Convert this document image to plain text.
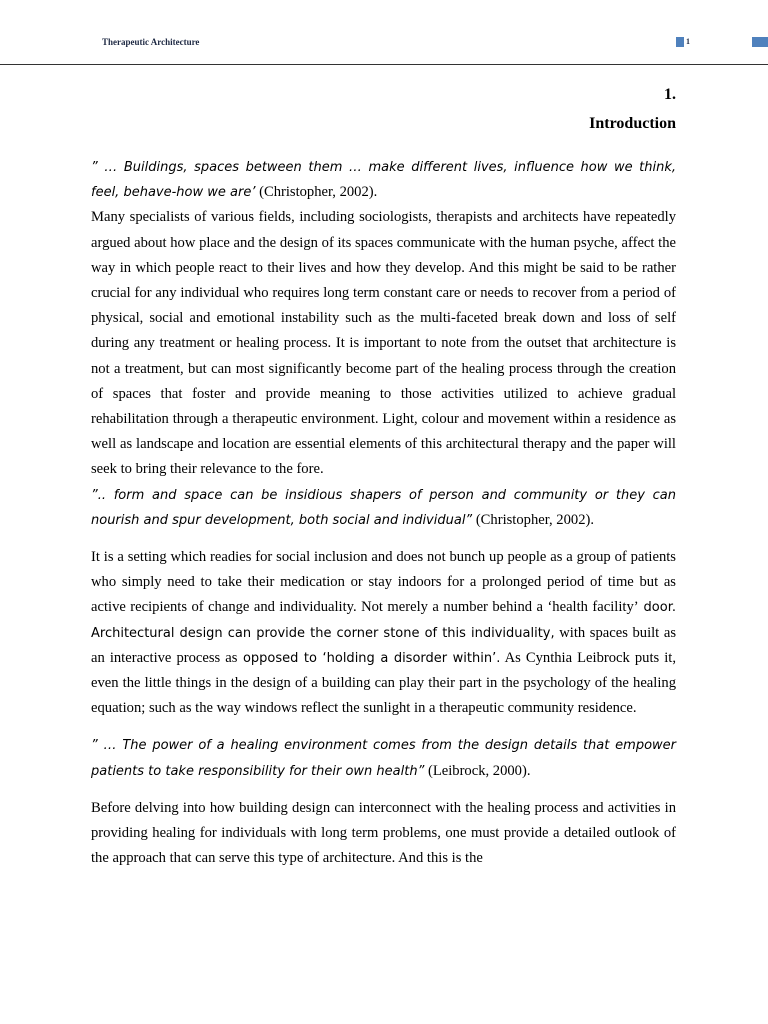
Therapeutic Architecture	1
1.
Introduction

” … Buildings, spaces between them … make different lives, influence how we think, feel, behave-how we are’ (Christopher, 2002).

Many specialists of various fields, including sociologists, therapists and architects have repeatedly argued about how place and the design of its spaces communicate with the human psyche, affect the way in which people react to their lives and how they develop. And this might be said to be rather crucial for any individual who requires long term constant care or needs to recover from a period of physical, social and emotional instability such as the multi-faceted break down and loss of self during any treatment or healing process. It is important to note from the outset that architecture is not a treatment, but can most significantly become part of the healing process through the creation of spaces that foster and provide meaning to those activities utilized to achieve gradual rehabilitation through a therapeutic environment. Light, colour and movement within a residence as well as landscape and location are essential elements of this architectural therapy and the paper will seek to bring their relevance to the fore.

”.. form and space can be insidious shapers of person and community or they can nourish and spur development, both social and individual” (Christopher, 2002).

It is a setting which readies for social inclusion and does not bunch up people as a group of patients who simply need to take their medication or stay indoors for a prolonged period of time but as active recipients of change and individuality. Not merely a number behind a ‘health facility’ door. Architectural design can provide the corner stone of this individuality, with spaces built as an interactive process as opposed to ‘holding a disorder within’. As Cynthia Leibrock puts it, even the little things in the design of a building can play their part in the psychology of the healing equation; such as the way windows reflect the sunlight in a therapeutic community residence.

” … The power of a healing environment comes from the design details that empower patients to take responsibility for their own health” (Leibrock, 2000).

Before delving into how building design can interconnect with the healing process and activities in providing healing for individuals with long term problems, one must provide a detailed outlook of the approach that can serve this type of architecture. And this is the
